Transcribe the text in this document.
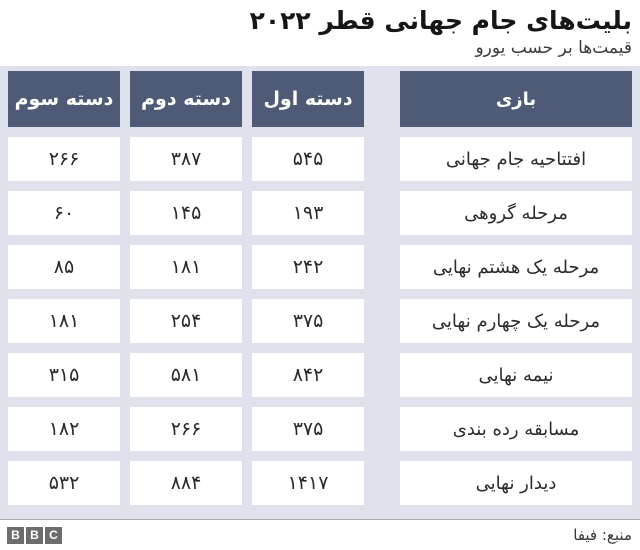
بلیت‌های جام جهانی قطر ۲۰۲۲
قیمت‌ها بر حسب یورو
بازی
دسته اول
دسته دوم
دسته سوم
افتتاحیه جام جهانی
۵۴۵
۳۸۷
۲۶۶
مرحله گروهی
۱۹۳
۱۴۵
۶۰
مرحله یک هشتم نهایی
۲۴۲
۱۸۱
۸۵
مرحله یک چهارم نهایی
۳۷۵
۲۵۴
۱۸۱
نیمه نهایی
۸۴۲
۵۸۱
۳۱۵
مسابقه رده بندی
۳۷۵
۲۶۶
۱۸۲
دیدار نهایی
۱۴۱۷
۸۸۴
۵۳۲
منبع: فیفا
B B C
